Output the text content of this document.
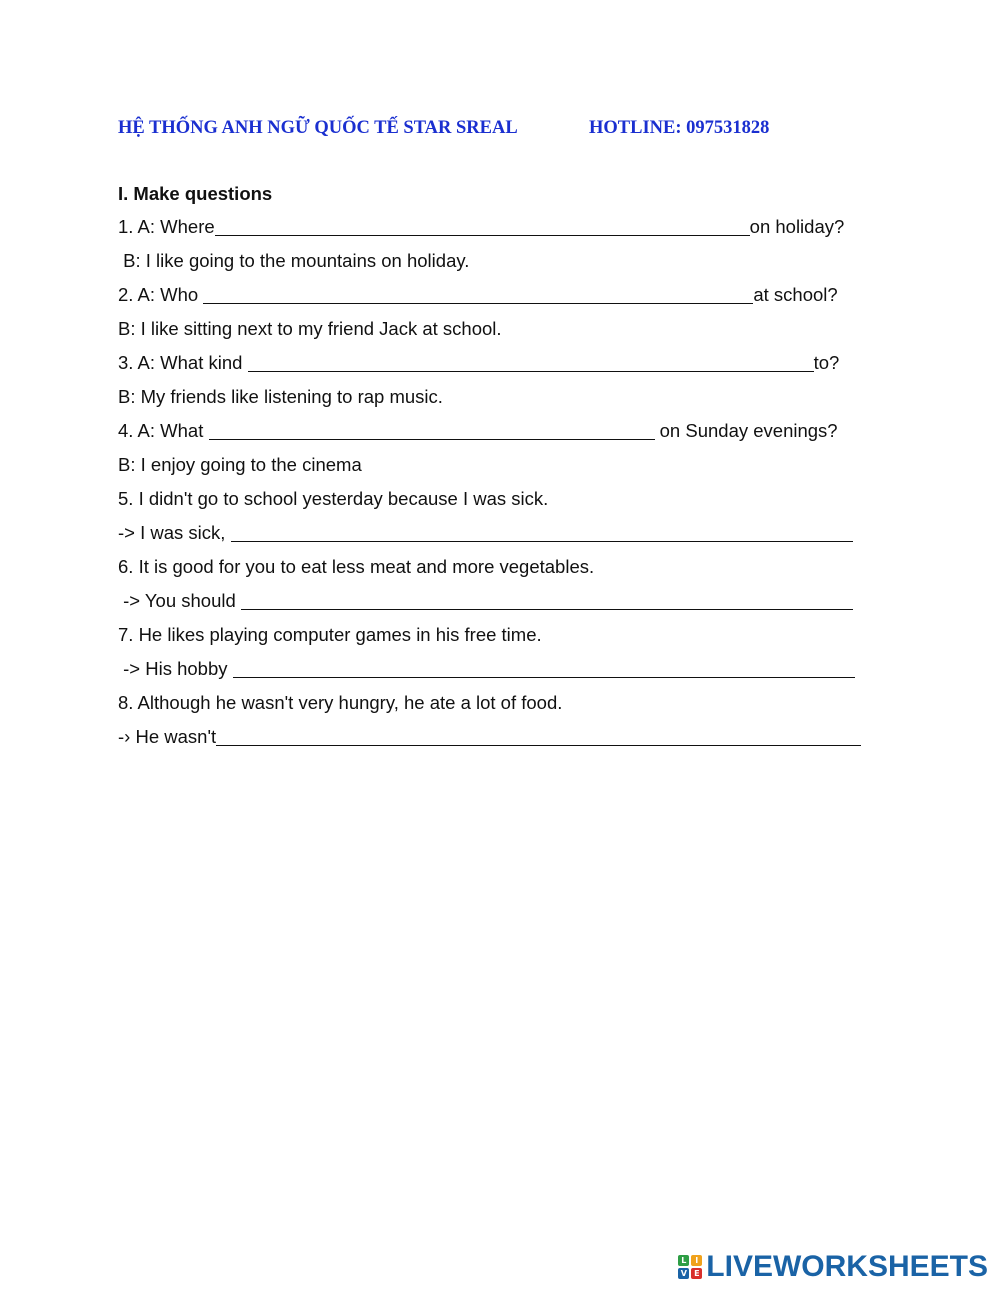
HỆ THỐNG ANH NGỮ QUỐC TẾ STAR SREAL	HOTLINE: 097531828
I. Make questions
1. A: Where	on holiday?
B: I like going to the mountains on holiday.
2. A: Who	at school?
B: I like sitting next to my friend Jack at school.
3. A: What kind	to?
B: My friends like listening to rap music.
4. A: What	on Sunday evenings?
B: I enjoy going to the cinema
5. I didn't go to school yesterday because I was sick.
-> I was sick,
6. It is good for you to eat less meat and more vegetables.
-> You should
7. He likes playing computer games in his free time.
-> His hobby
8. Although he wasn't very hungry, he ate a lot of food.
-› He wasn't
L	I
V E LIVEWORKSHEETS
